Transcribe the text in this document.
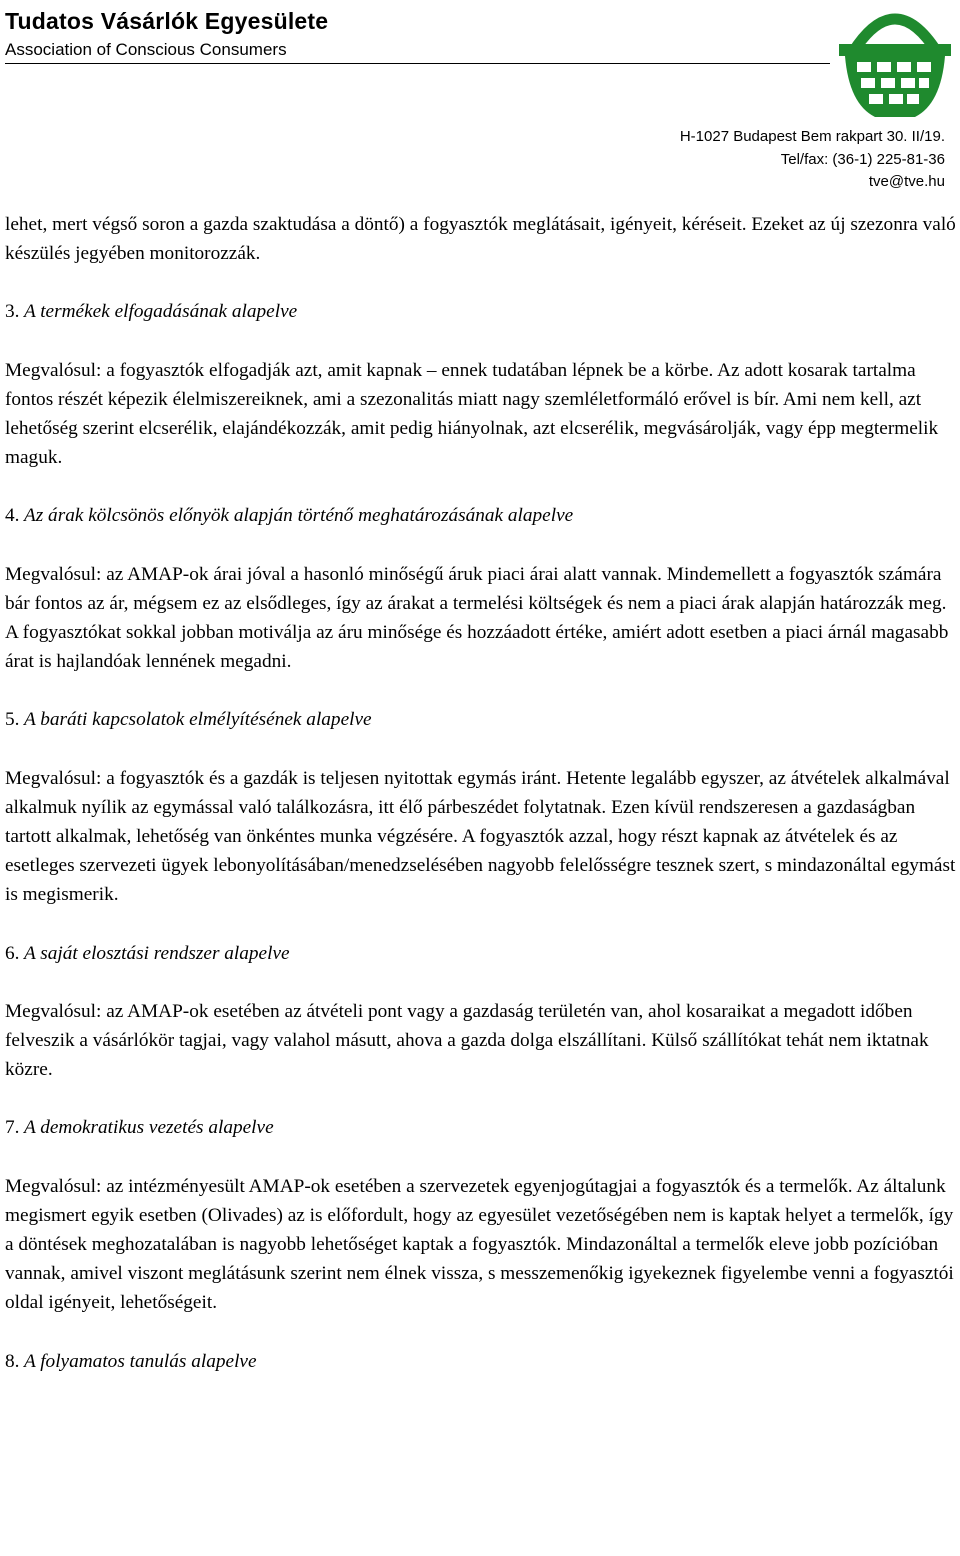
Tudatos Vásárlók Egyesülete
Association of Conscious Consumers
H-1027 Budapest Bem rakpart 30. II/19.
Tel/fax: (36-1) 225-81-36
tve@tve.hu

lehet, mert végső soron a gazda szaktudása a döntő) a fogyasztók meglátásait, igényeit, kéréseit. Ezeket az új szezonra való készülés jegyében monitorozzák.

3. A termékek elfogadásának alapelve

Megvalósul: a fogyasztók elfogadják azt, amit kapnak – ennek tudatában lépnek be a körbe. Az adott kosarak tartalma fontos részét képezik élelmiszereiknek, ami a szezonalitás miatt nagy szemléletformáló erővel is bír. Ami nem kell, azt lehetőség szerint elcserélik, elajándékozzák, amit pedig hiányolnak, azt elcserélik, megvásárolják, vagy épp megtermelik maguk.

4. Az árak kölcsönös előnyök alapján történő meghatározásának alapelve

Megvalósul: az AMAP-ok árai jóval a hasonló minőségű áruk piaci árai alatt vannak. Mindemellett a fogyasztók számára bár fontos az ár, mégsem ez az elsődleges, így az árakat a termelési költségek és nem a piaci árak alapján határozzák meg. A fogyasztókat sokkal jobban motiválja az áru minősége és hozzáadott értéke, amiért adott esetben a piaci árnál magasabb árat is hajlandóak lennének megadni.

5. A baráti kapcsolatok elmélyítésének alapelve

Megvalósul: a fogyasztók és a gazdák is teljesen nyitottak egymás iránt. Hetente legalább egyszer, az átvételek alkalmával alkalmuk nyílik az egymással való találkozásra, itt élő párbeszédet folytatnak. Ezen kívül rendszeresen a gazdaságban tartott alkalmak, lehetőség van önkéntes munka végzésére. A fogyasztók azzal, hogy részt kapnak az átvételek és az esetleges szervezeti ügyek lebonyolításában/menedzselésében nagyobb felelősségre tesznek szert, s mindazonáltal egymást is megismerik.

6. A saját elosztási rendszer alapelve

Megvalósul: az AMAP-ok esetében az átvételi pont vagy a gazdaság területén van, ahol kosaraikat a megadott időben felveszik a vásárlókör tagjai, vagy valahol másutt, ahova a gazda dolga elszállítani. Külső szállítókat tehát nem iktatnak közre.

7. A demokratikus vezetés alapelve

Megvalósul: az intézményesült AMAP-ok esetében a szervezetek egyenjogútagjai a fogyasztók és a termelők. Az általunk megismert egyik esetben (Olivades) az is előfordult, hogy az egyesület vezetőségében nem is kaptak helyet a termelők, így a döntések meghozatalában is nagyobb lehetőséget kaptak a fogyasztók. Mindazonáltal a termelők eleve jobb pozícióban vannak, amivel viszont meglátásunk szerint nem élnek vissza, s messzemenőkig igyekeznek figyelembe venni a fogyasztói oldal igényeit, lehetőségeit.

8. A folyamatos tanulás alapelve
